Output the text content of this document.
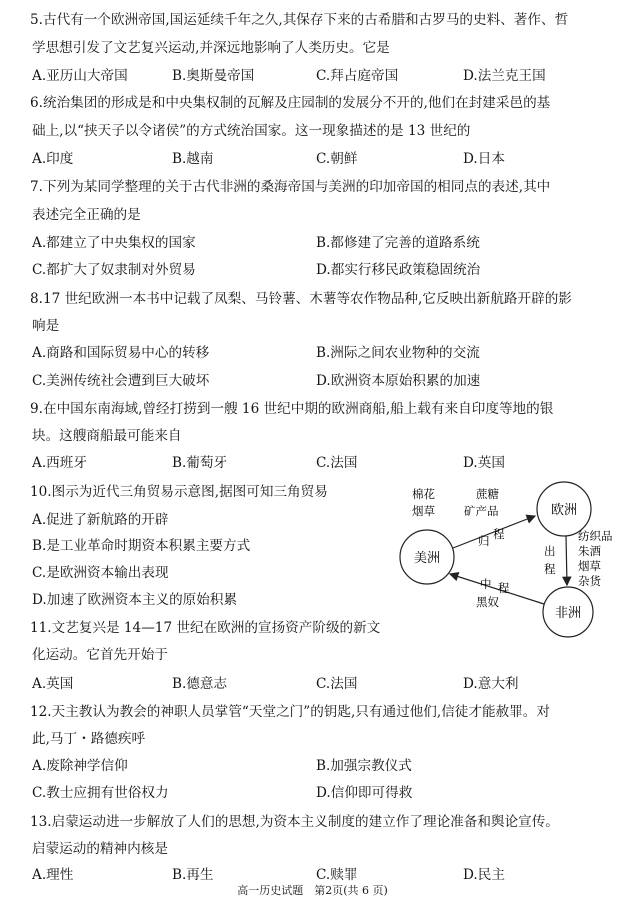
5.古代有一个欧洲帝国,国运延续千年之久,其保存下来的古希腊和古罗马的史料、著作、哲
学思想引发了文艺复兴运动,并深远地影响了人类历史。它是
A.亚历山大帝国	B.奥斯曼帝国	C.拜占庭帝国	D.法兰克王国
6.统治集团的形成是和中央集权制的瓦解及庄园制的发展分不开的,他们在封建采邑的基
础上,以“挟天子以令诸侯”的方式统治国家。这一现象描述的是 13 世纪的
A.印度	B.越南	C.朝鲜	D.日本
7.下列为某同学整理的关于古代非洲的桑海帝国与美洲的印加帝国的相同点的表述,其中
表述完全正确的是
A.都建立了中央集权的国家	B.都修建了完善的道路系统
C.都扩大了奴隶制对外贸易	D.都实行移民政策稳固统治
8.17 世纪欧洲一本书中记载了凤梨、马铃薯、木薯等农作物品种,它反映出新航路开辟的影
响是
A.商路和国际贸易中心的转移	B.洲际之间农业物种的交流
C.美洲传统社会遭到巨大破坏	D.欧洲资本原始积累的加速
9.在中国东南海域,曾经打捞到一艘 16 世纪中期的欧洲商船,船上载有来自印度等地的银
块。这艘商船最可能来自
A.西班牙	B.葡萄牙	C.法国	D.英国
10.图示为近代三角贸易示意图,据图可知三角贸易
A.促进了新航路的开辟
B.是工业革命时期资本积累主要方式
C.是欧洲资本输出表现
D.加速了欧洲资本主义的原始积累
美洲
欧洲
非洲
棉花
烟草
蔗糖
矿产品
归 程
出
程
纺织品
朱酒
烟草
杂货
中 程
黑奴
11.文艺复兴是 14—17 世纪在欧洲的宣扬资产阶级的新文
化运动。它首先开始于
A.英国	B.德意志	C.法国	D.意大利
12.天主教认为教会的神职人员掌管“天堂之门”的钥匙,只有通过他们,信徒才能赦罪。对
此,马丁・路德疾呼
A.废除神学信仰	B.加强宗教仪式
C.教士应拥有世俗权力	D.信仰即可得救
13.启蒙运动进一步解放了人们的思想,为资本主义制度的建立作了理论准备和舆论宣传。
启蒙运动的精神内核是
A.理性	B.再生	C.赎罪	D.民主
高一历史试题　第2页(共 6 页)
